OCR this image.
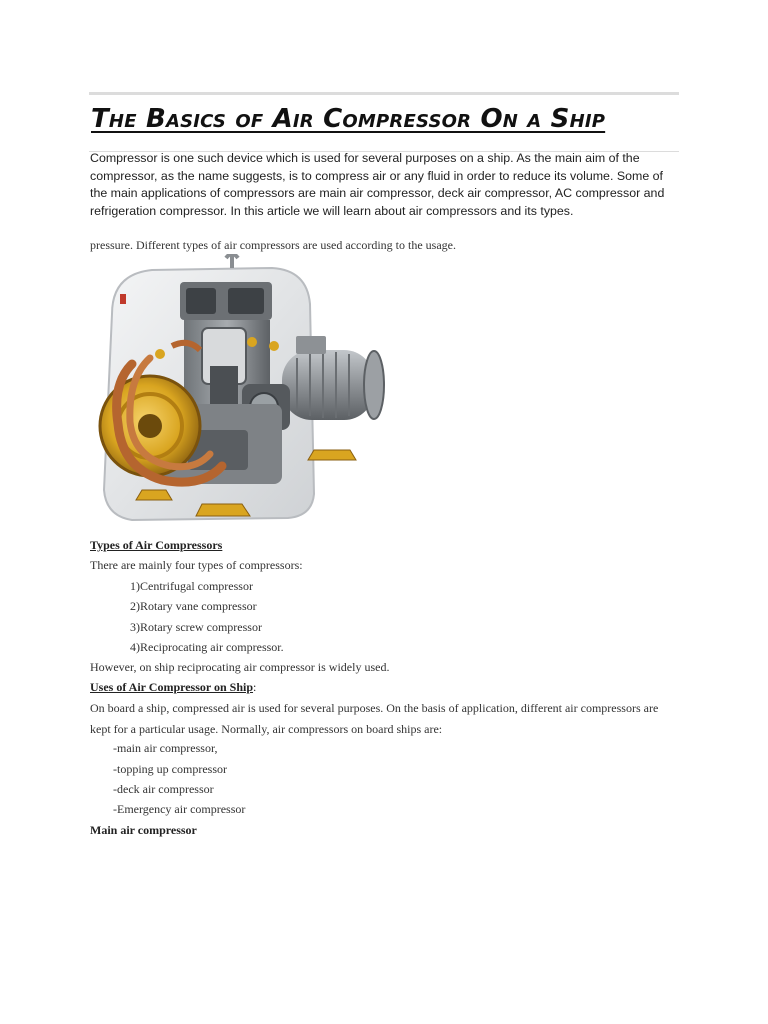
The Basics of Air Compressor On a Ship

Compressor is one such device which is used for several purposes on a ship. As the main aim of the compressor, as the name suggests, is to compress air or any fluid in order to reduce its volume. Some of the main applications of compressors are main air compressor, deck air compressor, AC compressor and refrigeration compressor. In this article we will learn about air compressors and its types.

pressure. Different types of air compressors are used according to the usage.

Types of Air Compressors

There are mainly four types of compressors:

1)Centrifugal compressor

2)Rotary vane compressor

3)Rotary screw compressor

4)Reciprocating air compressor.

However, on ship reciprocating air compressor is widely used.

Uses of Air Compressor on Ship:

On board a ship, compressed air is used for several purposes. On the basis of application, different air compressors are kept for a particular usage. Normally, air compressors on board ships are:

-main air compressor,

-topping up compressor

-deck air compressor

-Emergency air compressor

Main air compressor
